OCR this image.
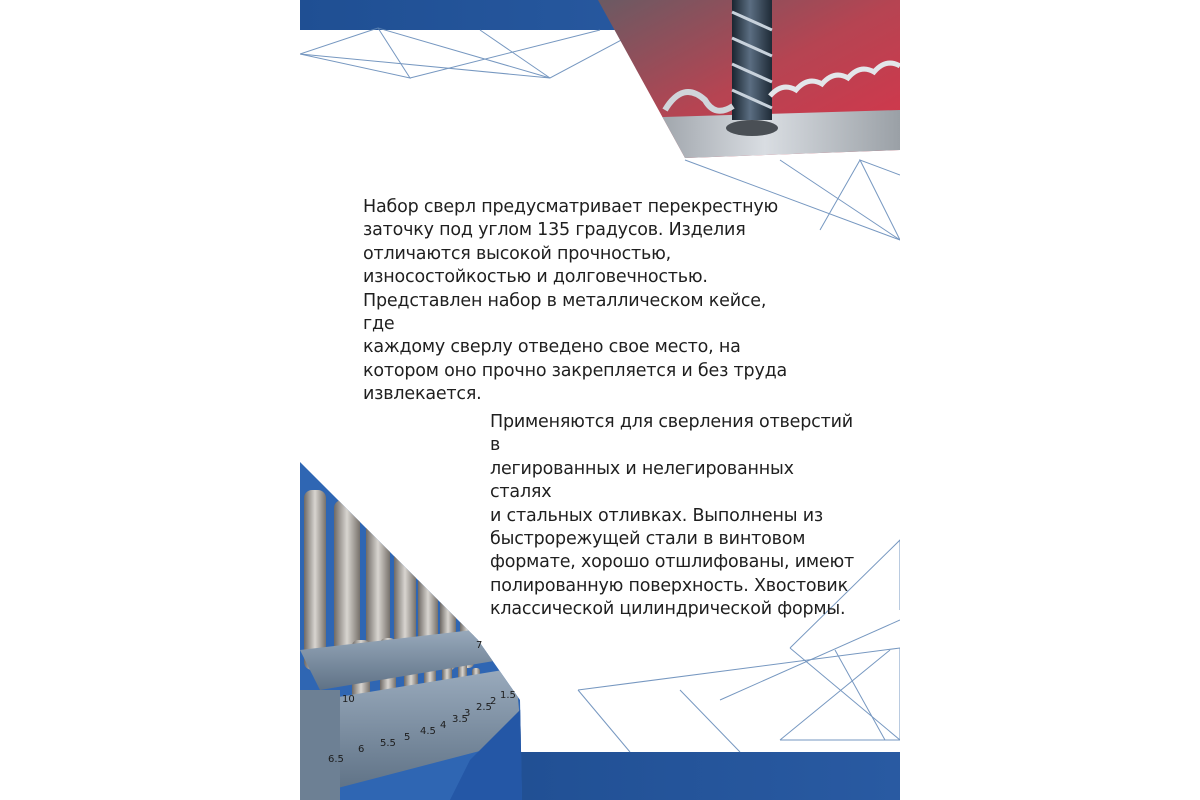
6.5
6
5.5
5
4.5
4
3.5
3
2.5
2
1.5
10
7

Набор сверл предусматривает перекрестную
заточку под углом 135 градусов. Изделия
отличаются высокой прочностью,
износостойкостью и долговечностью.
Представлен набор в металлическом кейсе, где
каждому сверлу отведено свое место, на
котором оно прочно закрепляется и без труда
извлекается.

Применяются для сверления отверстий в
легированных и нелегированных сталях
и стальных отливках. Выполнены из
быстрорежущей стали в винтовом
формате, хорошо отшлифованы, имеют
полированную поверхность. Хвостовик
классической цилиндрической формы.
